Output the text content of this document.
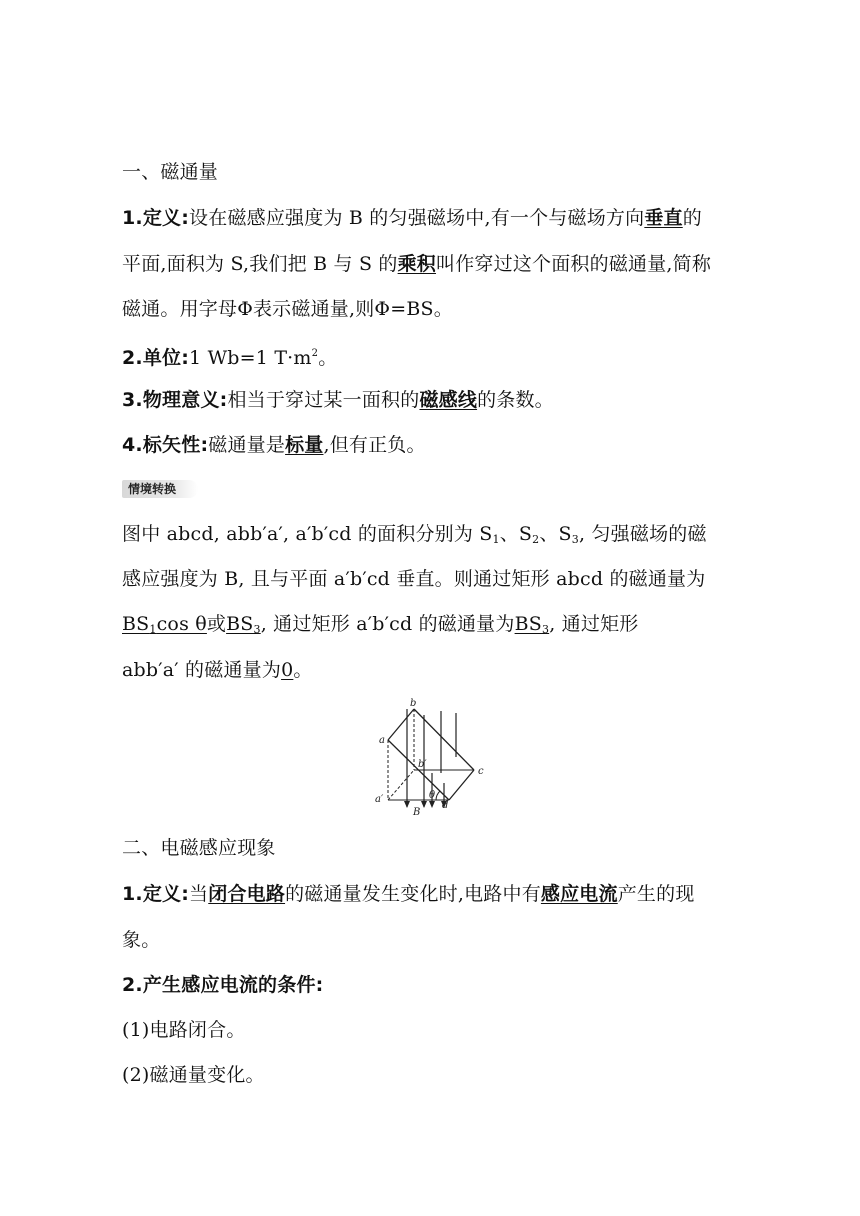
一、磁通量
1.定义:设在磁感应强度为 B 的匀强磁场中,有一个与磁场方向垂直的
平面,面积为 S,我们把 B 与 S 的乘积叫作穿过这个面积的磁通量,简称
磁通。用字母Φ表示磁通量,则Φ=BS。
2.单位:1 Wb=1 $T\cdot m^2$。
3.物理意义:相当于穿过某一面积的磁感线的条数。
4.标矢性:磁通量是标量,但有正负。
情境转换
图中 abcd, abb′a′, a′b′cd 的面积分别为 $S_1$、$S_2$、$S_3$, 匀强磁场的磁
感应强度为 B, 且与平面 a′b′cd 垂直。则通过矩形 abcd 的磁通量为
$BS_1\cos$ θ或$BS_3$, 通过矩形 a′b′cd 的磁通量为$BS_3$, 通过矩形
abb′a′ 的磁通量为0。
b
a
c
b′
a′	θ
d
B
二、电磁感应现象
1.定义:当闭合电路的磁通量发生变化时,电路中有感应电流产生的现
象。
2.产生感应电流的条件:
(1)电路闭合。
(2)磁通量变化。
